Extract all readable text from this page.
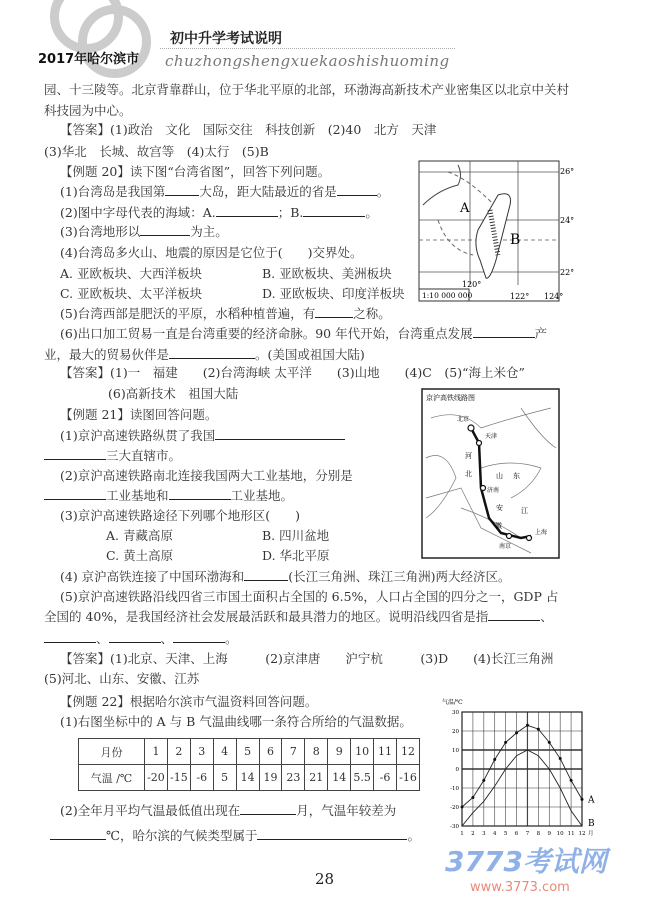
初中升学考试说明
2017年哈尔滨市 chuzhongshengxuekaoshishuoming
园、十三陵等。北京背靠群山，位于华北平原的北部，环渤海高新技术产业密集区以北京中关村
科技园为中心。
【答案】(1)政治　文化　国际交往　科技创新　(2)40　北方　天津
(3)华北　长城、故宫等　(4)太行　(5)B
【例题 20】读下图“台湾省图”，回答下列问题。
(1)台湾岛是我国第	大岛，距大陆最近的省是	。
(2)图中字母代表的海域：A.	；B.	。
(3)台湾地形以	为主。
(4)台湾岛多火山、地震的原因是它位于(　　)交界处。
A. 亚欧板块、大西洋板块	B. 亚欧板块、美洲板块
C. 亚欧板块、太平洋板块	D. 亚欧板块、印度洋板块
(5)台湾西部是肥沃的平原，水稻种植普遍，有	之称。
(6)出口加工贸易一直是台湾重要的经济命脉。90 年代开始，台湾重点发展	产
业，最大的贸易伙伴是	。(美国或祖国大陆)
【答案】(1)一　福建　　(2)台湾海峡 太平洋　　(3)山地　　(4)C　(5)“海上米仓”
(6)高新技术　祖国大陆
A
B
26°
24°
22°
120°
122° 124°
1:10 000 000
【例题 21】读图回答问题。
(1)京沪高速铁路纵贯了我国
三大直辖市。
(2)京沪高速铁路南北连接我国两大工业基地，分别是
工业基地和	工业基地。
(3)京沪高速铁路途径下列哪个地形区(　　)
A. 青藏高原	B. 四川盆地
C. 黄土高原	D. 华北平原
京沪高铁线路图
北京
天津
济南
南京
上海
河
北	山 东
江
安
徽
(4) 京沪高铁连接了中国环渤海和	(长江三角洲、珠江三角洲)两大经济区。
(5)京沪高速铁路沿线四省三市国土面积占全国的 6.5%，人口占全国的四分之一，GDP 占
全国的 40%，是我国经济社会发展最活跃和最具潜力的地区。说明沿线四省是指	、
、	、	。
【答案】(1)北京、天津、上海　　　(2)京津唐　　沪宁杭　　　(3)D　　(4)长江三角洲
(5)河北、山东、安徽、江苏
【例题 22】根据哈尔滨市气温资料回答问题。
(1)右图坐标中的 A 与 B 气温曲线哪一条符合所给的气温数据。
月份	1	2	3	4	5	6	7	8	9	10	11	12
气温 /℃	-20	-15	-6	5	14	19	23	21	14	5.5	-6	-16
(2)全年月平均气温最低值出现在	月，气温年较差为
℃，哈尔滨的气候类型属于	。
气温/℃
1 2 3 4 5 6 7 8 9 10 11 12 月
30
20
10
0
-10
-20
-30
A
B
3773考试网
www.3773.com
28
